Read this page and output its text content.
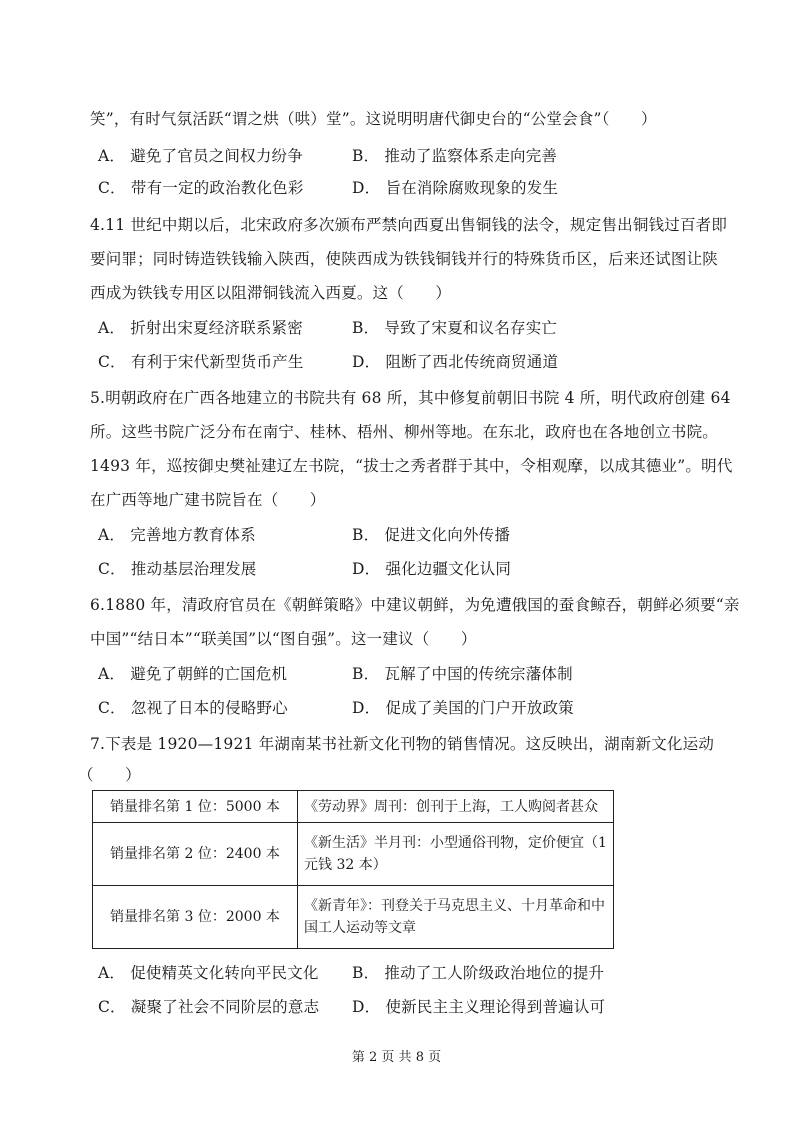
笑”，有时气氛活跃“谓之烘（哄）堂”。这说明明唐代御史台的“公堂会食”（　　）
A． 避免了官员之间权力纷争	B． 推动了监察体系走向完善
C． 带有一定的政治教化色彩	D． 旨在消除腐败现象的发生
4.11 世纪中期以后，北宋政府多次颁布严禁向西夏出售铜钱的法令，规定售出铜钱过百者即
要问罪；同时铸造铁钱输入陕西，使陕西成为铁钱铜钱并行的特殊货币区，后来还试图让陕
西成为铁钱专用区以阻滞铜钱流入西夏。这（　　）
A． 折射出宋夏经济联系紧密	B． 导致了宋夏和议名存实亡
C． 有利于宋代新型货币产生	D． 阻断了西北传统商贸通道
5.明朝政府在广西各地建立的书院共有 68 所，其中修复前朝旧书院 4 所，明代政府创建 64
所。这些书院广泛分布在南宁、桂林、梧州、柳州等地。在东北，政府也在各地创立书院。
1493 年，巡按御史樊祉建辽左书院，“拔士之秀者群于其中，令相观摩，以成其德业”。明代
在广西等地广建书院旨在（　　）
A． 完善地方教育体系	B． 促进文化向外传播
C． 推动基层治理发展	D． 强化边疆文化认同
6.1880 年，清政府官员在《朝鲜策略》中建议朝鲜，为免遭俄国的蚕食鲸吞，朝鲜必须要“亲
中国”“结日本”“联美国”以“图自强”。这一建议（　　）
A． 避免了朝鲜的亡国危机	B． 瓦解了中国的传统宗藩体制
C． 忽视了日本的侵略野心	D． 促成了美国的门户开放政策
7.下表是 1920—1921 年湖南某书社新文化刊物的销售情况。这反映出，湖南新文化运动
（　　）
销量排名第 1 位：5000 本	《劳动界》周刊：创刊于上海，工人购阅者甚众

销量排名第 2 位：2400 本	《新生活》半月刊：小型通俗刊物，定价便宜（1
元钱 32 本）

销量排名第 3 位：2000 本	《新青年》：刊登关于马克思主义、十月革命和中
国工人运动等文章
A． 促使精英文化转向平民文化 B． 推动了工人阶级政治地位的提升
C． 凝聚了社会不同阶层的意志 D． 使新民主主义理论得到普遍认可
第 2 页 共 8 页
